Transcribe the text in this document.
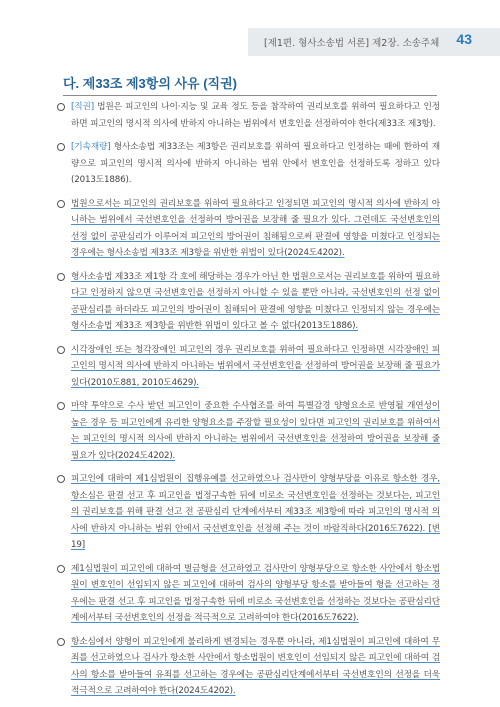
[제1편. 형사소송법 서론] 제2장. 소송주체 43
다. 제33조 제3항의 사유 (직권)
[직권] 법원은 피고인의 나이·지능 및 교육 정도 등을 참작하여 권리보호를 위하여 필요하다고 인정하면 피고인의 명시적 의사에 반하지 아니하는 범위에서 변호인을 선정하여야 한다(제33조 제3항).
[기속재량] 형사소송법 제33조는 제3항은 권리보호를 위하여 필요하다고 인정하는 때에 한하여 재량으로 피고인의 명시적 의사에 반하지 아니하는 범위 안에서 변호인을 선정하도록 정하고 있다(2013도1886).
법원으로서는 피고인의 권리보호를 위하여 필요하다고 인정되면 피고인의 명시적 의사에 반하지 아니하는 범위에서 국선변호인을 선정하여 방어권을 보장해 줄 필요가 있다. 그런데도 국선변호인의 선정 없이 공판심리가 이루어져 피고인의 방어권이 침해됨으로써 판결에 영향을 미쳤다고 인정되는 경우에는 형사소송법 제33조 제3항을 위반한 위법이 있다(2024도4202).
형사소송법 제33조 제1항 각 호에 해당하는 경우가 아닌 한 법원으로서는 권리보호를 위하여 필요하다고 인정하지 않으면 국선변호인을 선정하지 아니할 수 있을 뿐만 아니라, 국선변호인의 선정 없이 공판심리를 하더라도 피고인의 방어권이 침해되어 판결에 영향을 미쳤다고 인정되지 않는 경우에는 형사소송법 제33조 제3항을 위반한 위법이 있다고 볼 수 없다(2013도1886).
시각장애인 또는 청각장애인 피고인의 경우 권리보호를 위하여 필요하다고 인정하면 시각장애인 피고인의 명시적 의사에 반하지 아니하는 범위에서 국선변호인을 선정하여 방어권을 보장해 줄 필요가 있다(2010도881, 2010도4629).
마약 투약으로 수사 받던 피고인이 중요한 수사협조를 하여 특별감경 양형요소로 반영될 개연성이 높은 경우 등 피고인에게 유리한 양형요소를 주장할 필요성이 있다면 피고인의 권리보호를 위하여서는 피고인의 명시적 의사에 반하지 아니하는 범위에서 국선변호인을 선정하여 방어권을 보장해 줄 필요가 있다(2024도4202).
피고인에 대하여 제1심법원이 집행유예를 선고하였으나 검사만이 양형부당을 이유로 항소한 경우, 항소심은 판결 선고 후 피고인을 법정구속한 뒤에 비로소 국선변호인을 선정하는 것보다는, 피고인의 권리보호를 위해 판결 선고 전 공판심리 단계에서부터 제33조 제3항에 따라 피고인의 명시적 의사에 반하지 아니하는 범위 안에서 국선변호인을 선정해 주는 것이 바람직하다(2016도7622). [변19]
제1심법원이 피고인에 대하여 벌금형을 선고하였고 검사만이 양형부당으로 항소한 사안에서 항소법원이 변호인이 선임되지 않은 피고인에 대하여 검사의 양형부당 항소를 받아들여 형을 선고하는 경우에는 판결 선고 후 피고인을 법정구속한 뒤에 비로소 국선변호인을 선정하는 것보다는 공판심리단계에서부터 국선변호인의 선정을 적극적으로 고려하여야 한다(2016도7622).
항소심에서 양형이 피고인에게 불리하게 변경되는 경우뿐 아니라, 제1심법원이 피고인에 대하여 무죄를 선고하였으나 검사가 항소한 사안에서 항소법원이 변호인이 선임되지 않은 피고인에 대하여 검사의 항소를 받아들여 유죄를 선고하는 경우에는 공판심리단계에서부터 국선변호인의 선정을 더욱 적극적으로 고려하여야 한다(2024도4202).
